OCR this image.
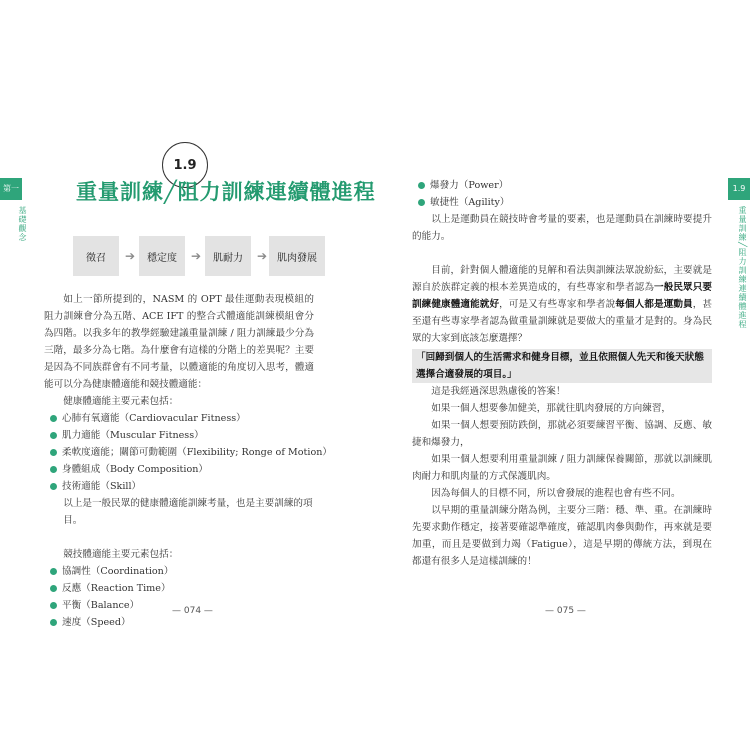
第一篇 基礎觀念
1.9
重量訓練╱阻力訓練連續體進程
徵召	➔	穩定度	➔	肌耐力	➔ 肌肉發展

如上一節所提到的，NASM 的 OPT 最佳運動表現模組的阻力訓練會分為五階、ACE IFT 的整合式體適能訓練模組會分為四階。以我多年的教學經驗建議重量訓練 / 阻力訓練最少分為三階，最多分為七階。為什麼會有這樣的分階上的差異呢？主要是因為不同族群會有不同考量，以體適能的角度切入思考，體適能可以分為健康體適能和競技體適能：

健康體適能主要元素包括：

心肺有氧適能（Cardiovacular Fitness）
肌力適能（Muscular Fitness）
柔軟度適能；關節可動範圍（Flexibility; Ronge of Motion）
身體組成（Body Composition）
技術適能（Skill）

以上是一般民眾的健康體適能訓練考量，也是主要訓練的項目。

競技體適能主要元素包括：

協調性（Coordination）
反應（Reaction Time）
平衡（Balance）
速度（Speed）
— 074 —
1.9
重量訓練╱阻力訓練連續體進程
爆發力（Power）
敏捷性（Agility）

以上是運動員在競技時會考量的要素，也是運動員在訓練時要提升的能力。

目前，針對個人體適能的見解和看法與訓練法眾說紛紜，主要就是源自於族群定義的根本差異造成的，有些專家和學者認為一般民眾只要訓練健康體適能就好，可是又有些專家和學者說每個人都是運動員，甚至還有些專家學者認為做重量訓練就是要做大的重量才是對的。身為民眾的大家到底該怎麼選擇？

「回歸到個人的生活需求和健身目標，並且依照個人先天和後天狀態選擇合適發展的項目。」

這是我經過深思熟慮後的答案！

如果一個人想要參加健美，那就往肌肉發展的方向練習，

如果一個人想要預防跌倒，那就必須要練習平衡、協調、反應、敏捷和爆發力，

如果一個人想要利用重量訓練 / 阻力訓練保養關節，那就以訓練肌肉耐力和肌肉量的方式保護肌肉。

因為每個人的目標不同，所以會發展的進程也會有些不同。

以早期的重量訓練分階為例，主要分三階：穩、準、重。在訓練時先要求動作穩定，接著要確認準確度，確認肌肉參與動作，再來就是要加重，而且是要做到力竭（Fatigue），這是早期的傳統方法，到現在都還有很多人是這樣訓練的！

— 075 —
